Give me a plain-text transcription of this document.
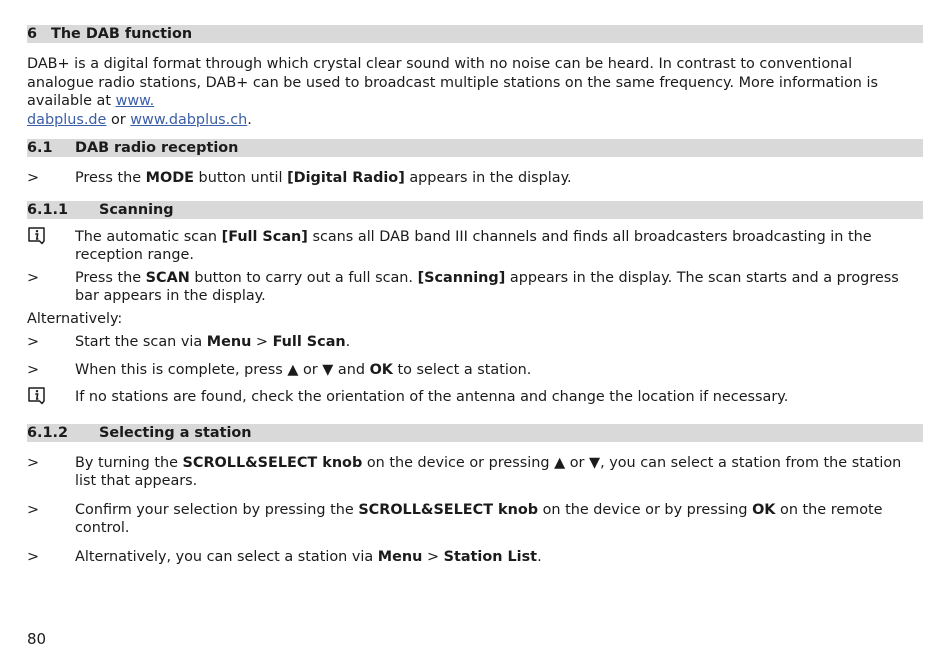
6 The DAB function

DAB+ is a digital format through which crystal clear sound with no noise can be heard. In contrast to conventional analogue radio stations, DAB+ can be used to broadcast multiple stations on the same frequency. More information is available at www.
dabplus.de or www.dabplus.ch.

6.1	DAB radio reception
>	Press the MODE button until [Digital Radio] appears in the display.
6.1.1	Scanning
The automatic scan [Full Scan] scans all DAB band III channels and finds all broadcasters broadcasting in the reception range.
>	Press the SCAN button to carry out a full scan. [Scanning] appears in the display. The scan starts and a progress bar appears in the display.

Alternatively:

>	Start the scan via Menu > Full Scan.
>	When this is complete, press ▲ or ▼ and OK to select a station.
If no stations are found, check the orientation of the antenna and change the location if necessary.
6.1.2	Selecting a station
>	By turning the SCROLL&SELECT knob on the device or pressing ▲ or ▼, you can select a station from the station list that appears.
>	Confirm your selection by pressing the SCROLL&SELECT knob on the device or by pressing OK on the remote control.
>	Alternatively, you can select a station via Menu > Station List.
80
